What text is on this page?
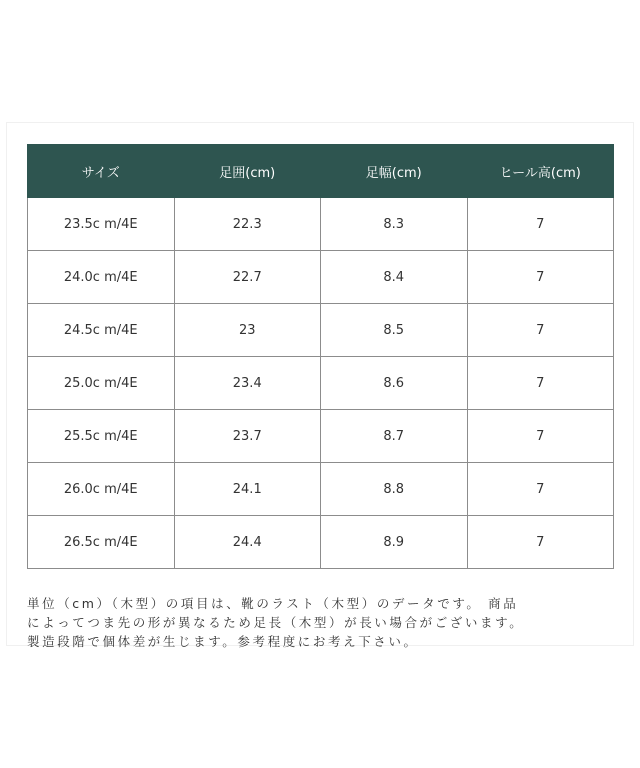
サイズ	足囲(cm)	足幅(cm)	ヒール高(cm)
23.5c m/4E	22.3	8.3	7
24.0c m/4E	22.7	8.4	7
24.5c m/4E	23	8.5	7
25.0c m/4E	23.4	8.6	7
25.5c m/4E	23.7	8.7	7
26.0c m/4E	24.1	8.8	7
26.5c m/4E	24.4	8.9	7

単位（cm）（木型）の項目は、靴のラスト（木型）のデータです。 商品
によってつま先の形が異なるため足長（木型）が長い場合がございます。
製造段階で個体差が生じます。参考程度にお考え下さい。
